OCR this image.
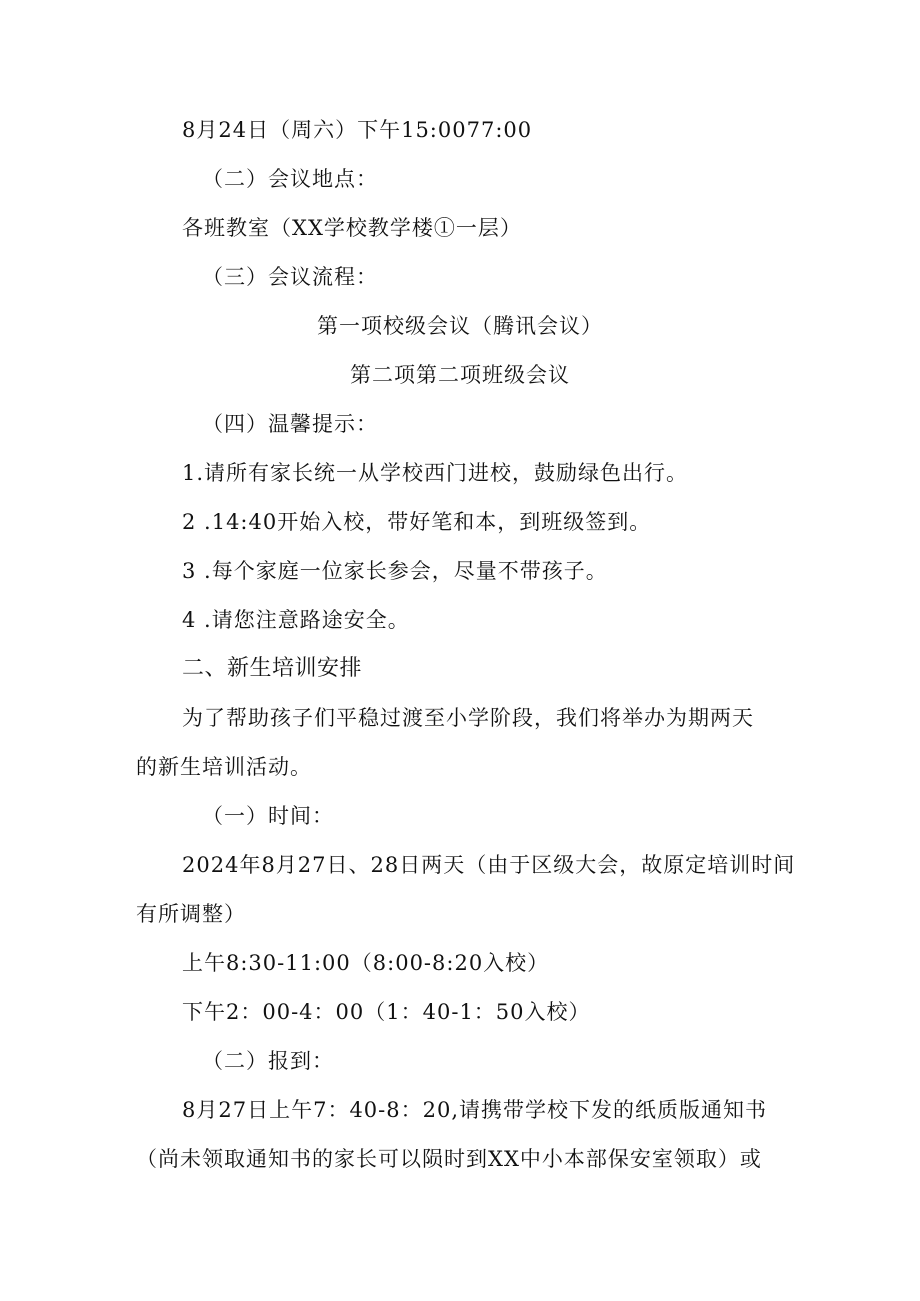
8月24日（周六）下午15:0077:00
（二）会议地点：
各班教室（XX学校教学楼①一层）
（三）会议流程：
第一项校级会议（腾讯会议）
第二项第二项班级会议
（四）温馨提示：
1.请所有家长统一从学校西门进校，鼓励绿色出行。
2 .14:40开始入校，带好笔和本，到班级签到。
3 .每个家庭一位家长参会，尽量不带孩子。
4 .请您注意路途安全。
二、新生培训安排
为了帮助孩子们平稳过渡至小学阶段，我们将举办为期两天
的新生培训活动。
（一）时间：
2024年8月27日、28日两天（由于区级大会，故原定培训时间
有所调整）
上午8:30-11:00（8:00-8:20入校）
下午2：00-4：00（1：40-1：50入校）
（二）报到：
8月27日上午7：40-8：20,请携带学校下发的纸质版通知书
（尚未领取通知书的家长可以陨时到XX中小本部保安室领取）或
